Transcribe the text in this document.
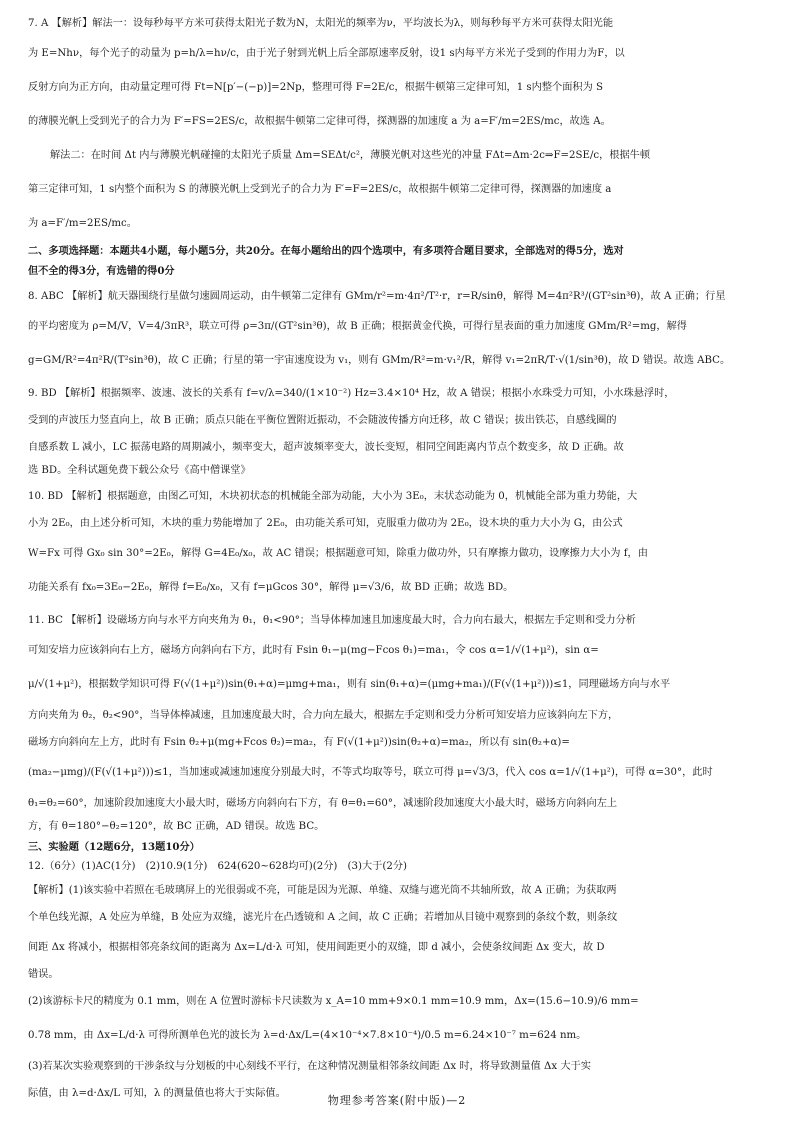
7. A 【解析】解法一：设每秒每平方米可获得太阳光子数为N，太阳光的频率为ν，平均波长为λ，则每秒每平方米可获得太阳光能
为 E=Nhν，每个光子的动量为 p=h/λ=hν/c，由于光子射到光帆上后全部原速率反射，设1 s内每平方米光子受到的作用力为F，以
反射方向为正方向，由动量定理可得 Ft=N[p′−(−p)]=2Np，整理可得 F=2E/c，根据牛顿第三定律可知，1 s内整个面积为 S
的薄膜光帆上受到光子的合力为 F′=FS=2ES/c，故根据牛顿第二定律可得，探测器的加速度 a 为 a=F′/m=2ES/mc，故选 A。
解法二：在时间 Δt 内与薄膜光帆碰撞的太阳光子质量 Δm=SEΔt/c²，薄膜光帆对这些光的冲量 FΔt=Δm·2c⇒F=2SE/c，根据牛顿
第三定律可知，1 s内整个面积为 S 的薄膜光帆上受到光子的合力为 F′=F=2ES/c，故根据牛顿第二定律可得，探测器的加速度 a
为 a=F′/m=2ES/mc。
二、多项选择题：本题共4小题，每小题5分，共20分。在每小题给出的四个选项中，有多项符合题目要求，全部选对的得5分，选对
但不全的得3分，有选错的得0分
8. ABC 【解析】航天器围绕行星做匀速圆周运动，由牛顿第二定律有 GMm/r²=m·4π²/T²·r，r=R/sinθ，解得 M=4π²R³/(GT²sin³θ)，故 A 正确；行星
的平均密度为 ρ=M/V，V=4/3πR³，联立可得 ρ=3π/(GT²sin³θ)，故 B 正确；根据黄金代换，可得行星表面的重力加速度 GMm/R²=mg，解得
g=GM/R²=4π²R/(T²sin³θ)，故 C 正确；行星的第一宇宙速度设为 v₁，则有 GMm/R²=m·v₁²/R，解得 v₁=2πR/T·√(1/sin³θ)，故 D 错误。故选 ABC。
9. BD 【解析】根据频率、波速、波长的关系有 f=v/λ=340/(1×10⁻²) Hz=3.4×10⁴ Hz，故 A 错误；根据小水珠受力可知，小水珠悬浮时，
受到的声波压力竖直向上，故 B 正确；质点只能在平衡位置附近振动，不会随波传播方向迁移，故 C 错误；拔出铁芯，自感线圈的
自感系数 L 减小，LC 振荡电路的周期减小，频率变大，超声波频率变大，波长变短，相同空间距离内节点个数变多，故 D 正确。故
选 BD。全科试题免费下载公众号《高中僧课堂》
10. BD 【解析】根据题意，由图乙可知，木块初状态的机械能全部为动能，大小为 3E₀，末状态动能为 0，机械能全部为重力势能，大
小为 2E₀，由上述分析可知，木块的重力势能增加了 2E₀，由功能关系可知，克服重力做功为 2E₀，设木块的重力大小为 G，由公式
W=Fx 可得 Gx₀ sin 30°=2E₀，解得 G=4E₀/x₀，故 AC 错误；根据题意可知，除重力做功外，只有摩擦力做功，设摩擦力大小为 f，由
功能关系有 fx₀=3E₀−2E₀，解得 f=E₀/x₀，又有 f=μGcos 30°，解得 μ=√3/6，故 BD 正确；故选 BD。
11. BC 【解析】设磁场方向与水平方向夹角为 θ₁，θ₁<90°；当导体棒加速且加速度最大时，合力向右最大，根据左手定则和受力分析
可知安培力应该斜向右上方，磁场方向斜向右下方，此时有 Fsin θ₁−μ(mg−Fcos θ₁)=ma₁，令 cos α=1/√(1+μ²)，sin α=
μ/√(1+μ²)，根据数学知识可得 F(√(1+μ²))sin(θ₁+α)=μmg+ma₁，则有 sin(θ₁+α)=(μmg+ma₁)/(F(√(1+μ²)))≤1，同理磁场方向与水平
方向夹角为 θ₂，θ₂<90°，当导体棒减速，且加速度最大时，合力向左最大，根据左手定则和受力分析可知安培力应该斜向左下方，
磁场方向斜向左上方，此时有 Fsin θ₂+μ(mg+Fcos θ₂)=ma₂，有 F(√(1+μ²))sin(θ₂+α)=ma₂，所以有 sin(θ₂+α)=
(ma₂−μmg)/(F(√(1+μ²)))≤1，当加速或减速加速度分别最大时，不等式均取等号，联立可得 μ=√3/3，代入 cos α=1/√(1+μ²)，可得 α=30°，此时
θ₁=θ₂=60°，加速阶段加速度大小最大时，磁场方向斜向右下方，有 θ=θ₁=60°，减速阶段加速度大小最大时，磁场方向斜向左上
方，有 θ=180°−θ₂=120°，故 BC 正确，AD 错误。故选 BC。
三、实验题（12题6分，13题10分）
12.（6分）(1)AC(1分)　(2)10.9(1分)　624(620~628均可)(2分)　(3)大于(2分)
【解析】(1)该实验中若照在毛玻璃屏上的光很弱或不亮，可能是因为光源、单缝、双缝与遮光筒不共轴所致，故 A 正确；为获取两
个单色线光源，A 处应为单缝，B 处应为双缝，滤光片在凸透镜和 A 之间，故 C 正确；若增加从目镜中观察到的条纹个数，则条纹
间距 Δx 将减小，根据相邻亮条纹间的距离为 Δx=L/d·λ 可知，使用间距更小的双缝，即 d 减小，会使条纹间距 Δx 变大，故 D
错误。
(2)该游标卡尺的精度为 0.1 mm，则在 A 位置时游标卡尺读数为 x_A=10 mm+9×0.1 mm=10.9 mm，Δx=(15.6−10.9)/6 mm=
0.78 mm，由 Δx=L/d·λ 可得所测单色光的波长为 λ=d·Δx/L=(4×10⁻⁴×7.8×10⁻⁴)/0.5 m=6.24×10⁻⁷ m=624 nm。
(3)若某次实验观察到的干涉条纹与分划板的中心刻线不平行，在这种情况测量相邻条纹间距 Δx 时，将导致测量值 Δx 大于实
际值，由 λ=d·Δx/L 可知，λ 的测量值也将大于实际值。
物理参考答案(附中版)—2
